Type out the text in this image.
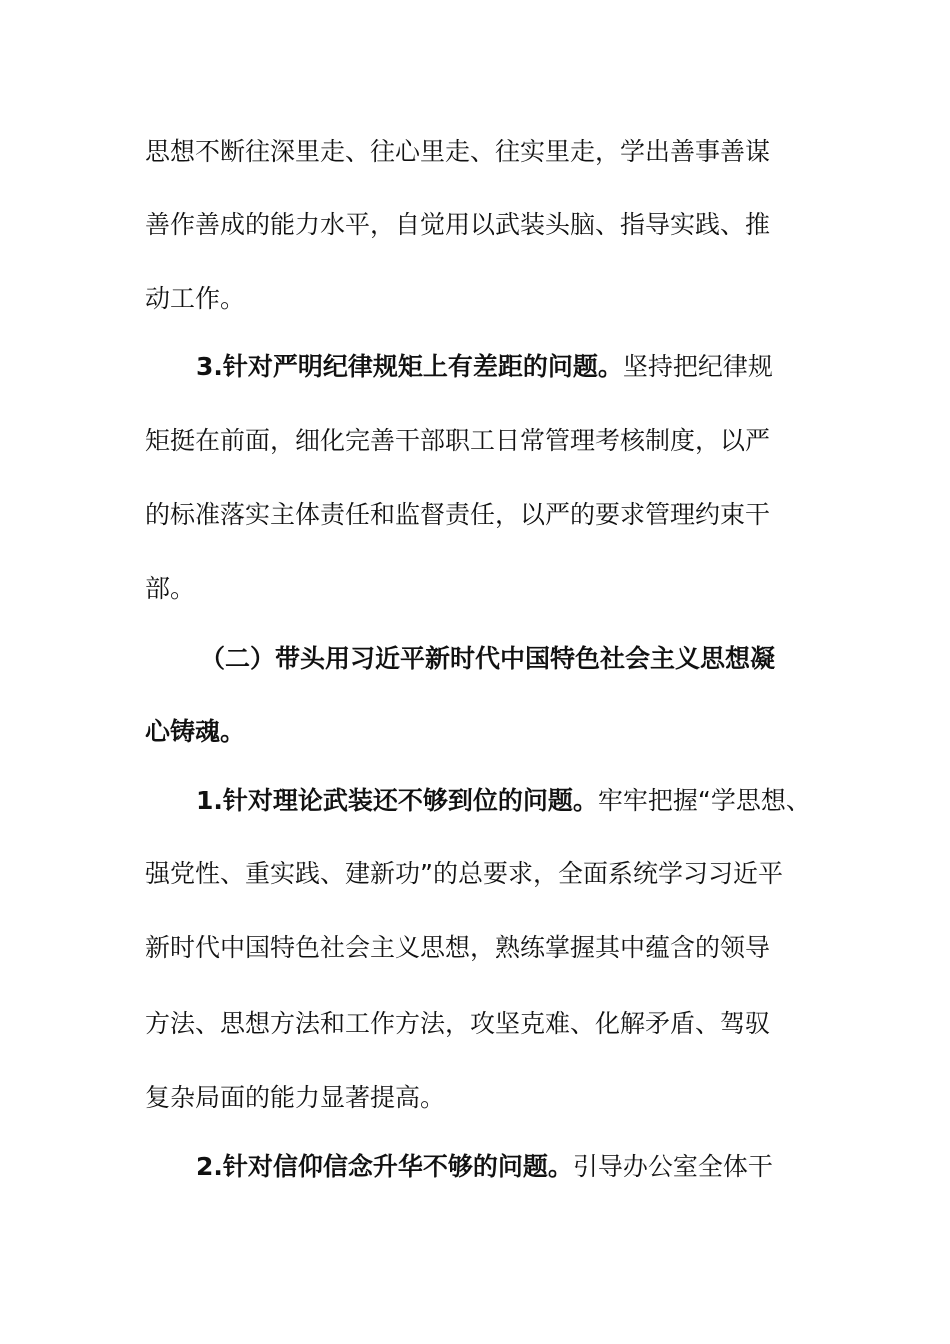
思想不断往深里走、往心里走、往实里走，学出善事善谋
善作善成的能力水平，自觉用以武装头脑、指导实践、推
动工作。
3.针对严明纪律规矩上有差距的问题。坚持把纪律规
矩挺在前面，细化完善干部职工日常管理考核制度，以严
的标准落实主体责任和监督责任，以严的要求管理约束干
部。
（二）带头用习近平新时代中国特色社会主义思想凝
心铸魂。
1.针对理论武装还不够到位的问题。牢牢把握“学思想、
强党性、重实践、建新功”的总要求，全面系统学习习近平
新时代中国特色社会主义思想，熟练掌握其中蕴含的领导
方法、思想方法和工作方法，攻坚克难、化解矛盾、驾驭
复杂局面的能力显著提高。
2.针对信仰信念升华不够的问题。引导办公室全体干
